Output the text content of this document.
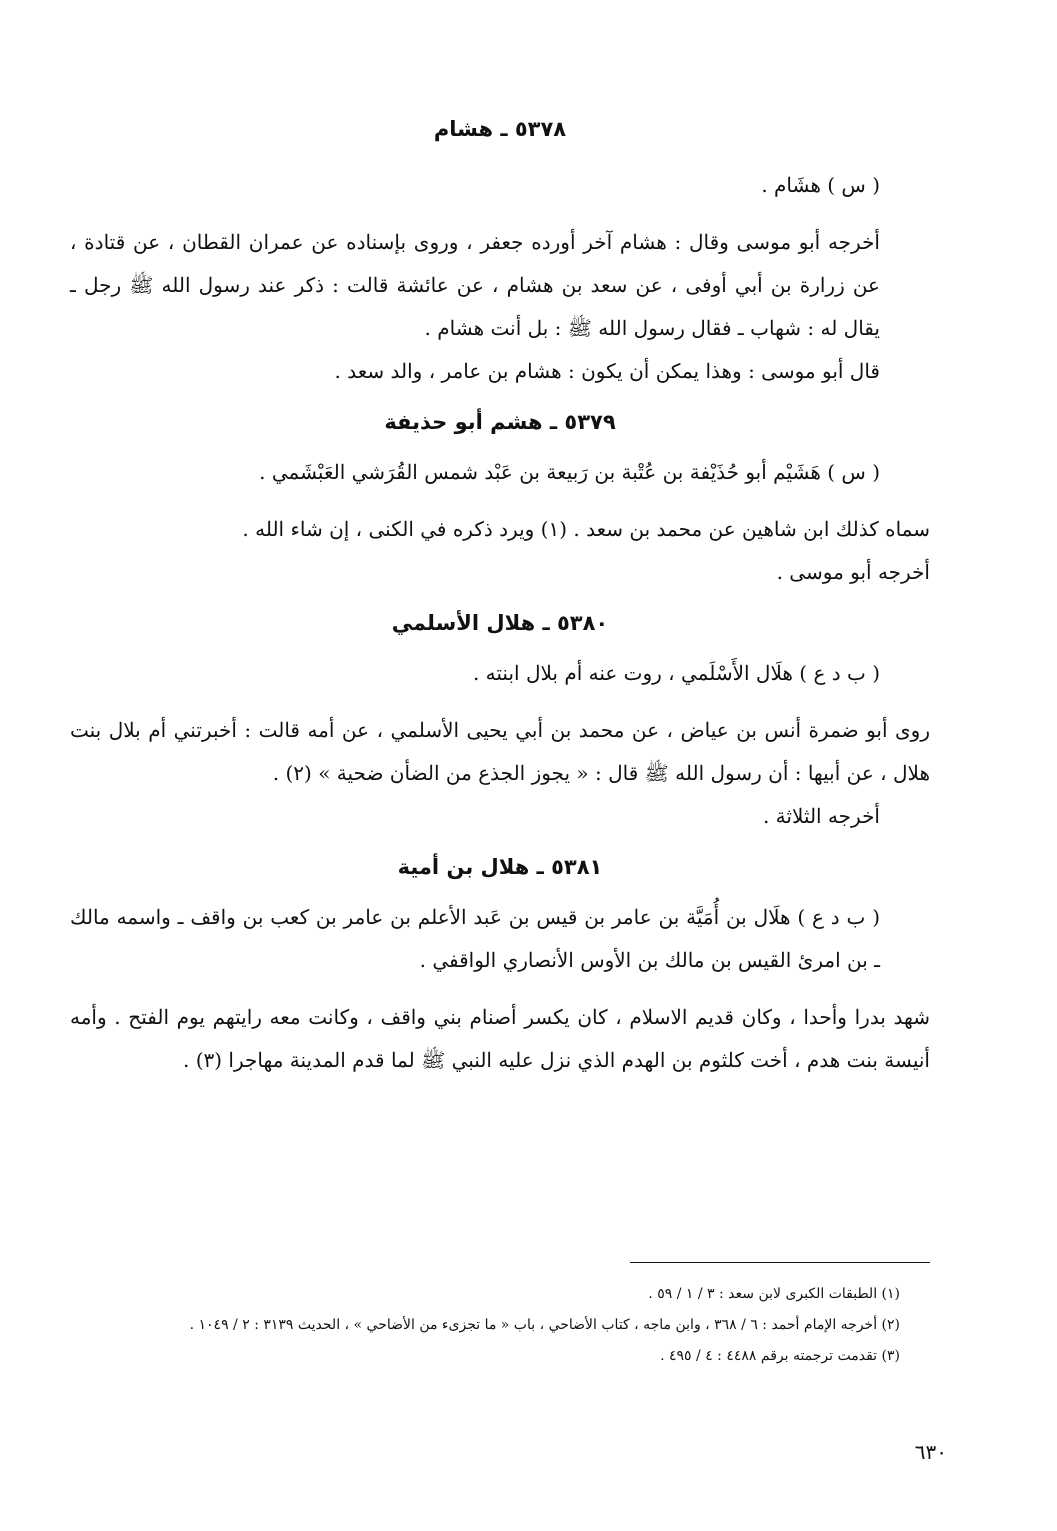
٥٣٧٨ ـ هشام
( س ) هشَام .
أخرجه أبو موسى وقال : هشام آخر أورده جعفر ، وروى بإسناده عن عمران القطان ، عن قتادة ، عن زرارة بن أبي أوفى ، عن سعد بن هشام ، عن عائشة قالت : ذكر عند رسول الله ﷺ رجل ـ يقال له : شهاب ـ فقال رسول الله ﷺ : بل أنت هشام .
قال أبو موسى : وهذا يمكن أن يكون : هشام بن عامر ، والد سعد .
٥٣٧٩ ـ هشم أبو حذيفة
( س ) هَشَيْم أبو حُذَيْفة بن عُتْبة بن رَبيعة بن عَبْد شمس القُرَشي العَبْشَمي .
سماه كذلك ابن شاهين عن محمد بن سعد . (١) ويرد ذكره في الكنى ، إن شاء الله .
أخرجه أبو موسى .
٥٣٨٠ ـ هلال الأسلمي
( ب د ع ) هلَال الأَسْلَمي ، روت عنه أم بلال ابنته .
روى أبو ضمرة أنس بن عياض ، عن محمد بن أبي يحيى الأسلمي ، عن أمه قالت : أخبرتني أم بلال بنت هلال ، عن أبيها : أن رسول الله ﷺ قال : « يجوز الجذع من الضأن ضحية » (٢) .
أخرجه الثلاثة .
٥٣٨١ ـ هلال بن أمية
( ب د ع ) هلَال بن أُمَيَّة بن عامر بن قيس بن عَبد الأعلم بن عامر بن كعب بن واقف ـ واسمه مالك ـ بن امرئ القيس بن مالك بن الأوس الأنصاري الواقفي .
شهد بدرا وأحدا ، وكان قديم الاسلام ، كان يكسر أصنام بني واقف ، وكانت معه رايتهم يوم الفتح . وأمه أنيسة بنت هدم ، أخت كلثوم بن الهدم الذي نزل عليه النبي ﷺ لما قدم المدينة مهاجرا (٣) .
(١) الطبقات الكبرى لابن سعد : ٣ / ١ / ٥٩ .
(٢) أخرجه الإمام أحمد : ٦ / ٣٦٨ ، وابن ماجه ، كتاب الأضاحي ، باب « ما تجزىء من الأضاحي » ، الحديث ٣١٣٩ : ٢ / ١٠٤٩ .
(٣) تقدمت ترجمته برقم ٤٤٨٨ : ٤ / ٤٩٥ .
٦٣٠
